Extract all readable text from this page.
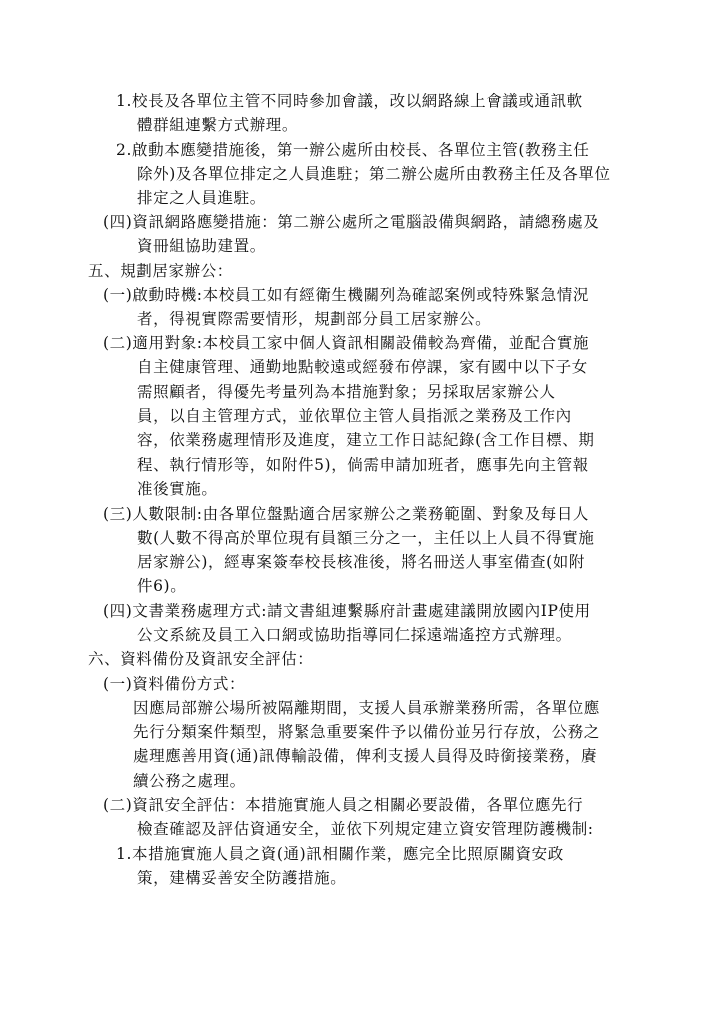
1.校長及各單位主管不同時參加會議，改以網路線上會議或通訊軟
體群組連繫方式辦理。
2.啟動本應變措施後，第一辦公處所由校長、各單位主管(教務主任
除外)及各單位排定之人員進駐；第二辦公處所由教務主任及各單位
排定之人員進駐。
(四)資訊網路應變措施：第二辦公處所之電腦設備與網路，請總務處及
資冊組協助建置。
五、規劃居家辦公：
(一)啟動時機:本校員工如有經衛生機關列為確認案例或特殊緊急情況
者，得視實際需要情形，規劃部分員工居家辦公。
(二)適用對象:本校員工家中個人資訊相關設備較為齊備，並配合實施
自主健康管理、通勤地點較遠或經發布停課，家有國中以下子女
需照顧者，得優先考量列為本措施對象；另採取居家辦公人
員，以自主管理方式，並依單位主管人員指派之業務及工作內
容，依業務處理情形及進度，建立工作日誌紀錄(含工作目標、期
程、執行情形等，如附件5)，倘需申請加班者，應事先向主管報
准後實施。
(三)人數限制:由各單位盤點適合居家辦公之業務範圍、對象及每日人
數(人數不得高於單位現有員額三分之一，主任以上人員不得實施
居家辦公)，經專案簽奉校長核准後，將名冊送人事室備查(如附
件6)。
(四)文書業務處理方式:請文書組連繫縣府計畫處建議開放國內IP使用
公文系統及員工入口網或協助指導同仁採遠端遙控方式辦理。
六、資料備份及資訊安全評估：
(一)資料備份方式：
因應局部辦公場所被隔離期間，支援人員承辦業務所需，各單位應
先行分類案件類型，將緊急重要案件予以備份並另行存放，公務之
處理應善用資(通)訊傳輸設備，俾利支援人員得及時銜接業務，賡
續公務之處理。
(二)資訊安全評估：本措施實施人員之相關必要設備，各單位應先行
檢查確認及評估資通安全，並依下列規定建立資安管理防護機制:
1.本措施實施人員之資(通)訊相關作業，應完全比照原關資安政
策，建構妥善安全防護措施。
